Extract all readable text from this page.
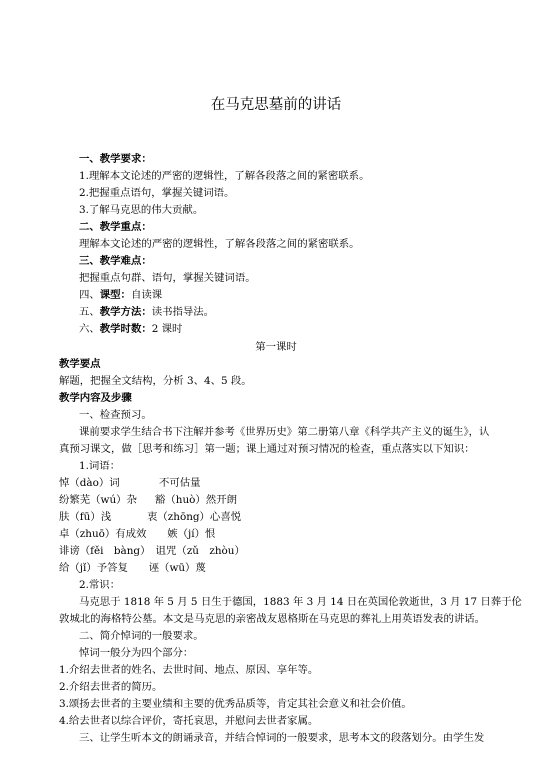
在马克思墓前的讲话
一、教学要求：
1.理解本文论述的严密的逻辑性，了解各段落之间的紧密联系。
2.把握重点语句，掌握关键词语。
3.了解马克思的伟大贡献。
二、教学重点：
理解本文论述的严密的逻辑性，了解各段落之间的紧密联系。
三、教学难点：
把握重点句群、语句，掌握关键词语。
四、课型：自读课
五、教学方法：读书指导法。
六、教学时数：2 课时
第一课时
教学要点
解题，把握全文结构，分析 3、4、5 段。
教学内容及步骤
一、检查预习。
课前要求学生结合书下注解并参考《世界历史》第二册第八章《科学共产主义的诞生》，认
真预习课文，做［思考和练习］第一题；课上通过对预习情况的检查，重点落实以下知识：
1.词语：
悼（dào）词	不可估量
纷繁芜（wú）杂 豁（huò）然开朗
肤（fū）浅	衷（zhōng）心喜悦
卓（zhuō）有成效　　嫉（jí）恨
诽谤（fěi　bàng）　诅咒（zǔ　zhòu）
给（jǐ）予答复　　诬（wū）蔑
2.常识：
马克思于 1818 年 5 月 5 日生于德国，1883 年 3 月 14 日在英国伦敦逝世，3 月 17 日葬于伦
敦城北的海格特公墓。本文是马克思的亲密战友恩格斯在马克思的葬礼上用英语发表的讲话。
二、简介悼词的一般要求。
悼词一般分为四个部分：
1.介绍去世者的姓名、去世时间、地点、原因、享年等。
2.介绍去世者的简历。
3.颂扬去世者的主要业绩和主要的优秀品质等，肯定其社会意义和社会价值。
4.给去世者以综合评价，寄托哀思，并慰问去世者家属。
三、让学生听本文的朗诵录音，并结合悼词的一般要求，思考本文的段落划分。由学生发
